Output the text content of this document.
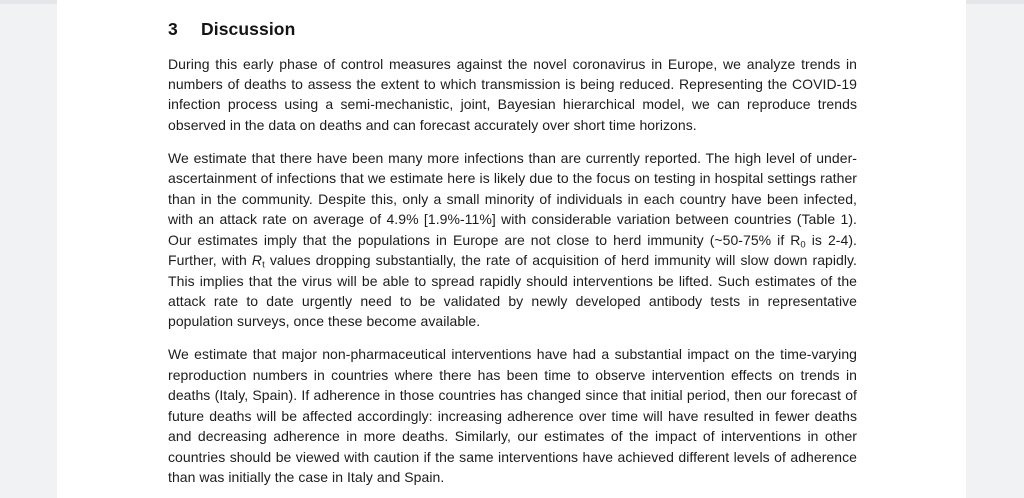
3 Discussion

During this early phase of control measures against the novel coronavirus in Europe, we analyze trends in numbers of deaths to assess the extent to which transmission is being reduced. Representing the COVID-19 infection process using a semi-mechanistic, joint, Bayesian hierarchical model, we can reproduce trends observed in the data on deaths and can forecast accurately over short time horizons.

We estimate that there have been many more infections than are currently reported. The high level of under-ascertainment of infections that we estimate here is likely due to the focus on testing in hospital settings rather than in the community. Despite this, only a small minority of individuals in each country have been infected, with an attack rate on average of 4.9% [1.9%-11%] with considerable variation between countries (Table 1). Our estimates imply that the populations in Europe are not close to herd immunity (~50-75% if $R_0$ is 2-4). Further, with $R_t$ values dropping substantially, the rate of acquisition of herd immunity will slow down rapidly. This implies that the virus will be able to spread rapidly should interventions be lifted. Such estimates of the attack rate to date urgently need to be validated by newly developed antibody tests in representative population surveys, once these become available.

We estimate that major non-pharmaceutical interventions have had a substantial impact on the time-varying reproduction numbers in countries where there has been time to observe intervention effects on trends in deaths (Italy, Spain). If adherence in those countries has changed since that initial period, then our forecast of future deaths will be affected accordingly: increasing adherence over time will have resulted in fewer deaths and decreasing adherence in more deaths. Similarly, our estimates of the impact of interventions in other countries should be viewed with caution if the same interventions have achieved different levels of adherence than was initially the case in Italy and Spain.
